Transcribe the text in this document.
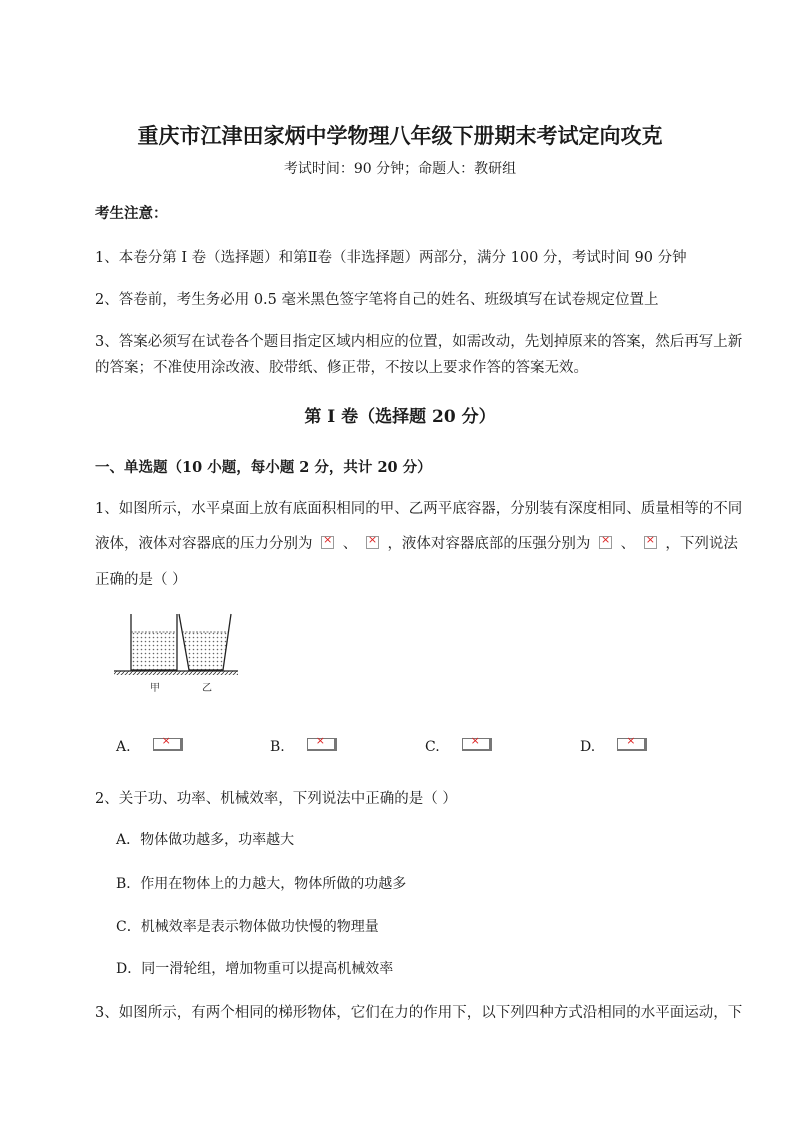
重庆市江津田家炳中学物理八年级下册期末考试定向攻克
考试时间：90 分钟；命题人：教研组
考生注意：
1、本卷分第 I 卷（选择题）和第Ⅱ卷（非选择题）两部分，满分 100 分，考试时间 90 分钟
2、答卷前，考生务必用 0.5 毫米黑色签字笔将自己的姓名、班级填写在试卷规定位置上
3、答案必须写在试卷各个题目指定区域内相应的位置，如需改动，先划掉原来的答案，然后再写上新
的答案；不准使用涂改液、胶带纸、修正带，不按以上要求作答的答案无效。
第 I 卷（选择题 20 分）
一、单选题（10 小题，每小题 2 分，共计 20 分）
1、如图所示，水平桌面上放有底面积相同的甲、乙两平底容器，分别装有深度相同、质量相等的不同
液体，液体对容器底的压力分别为 × 、 × ，液体对容器底部的压强分别为 × 、 × ，下列说法
正确的是（ ）
甲	乙
A. ×	B. ×	C. ×	D.×
2、关于功、功率、机械效率，下列说法中正确的是（ ）
A．物体做功越多，功率越大
B．作用在物体上的力越大，物体所做的功越多
C．机械效率是表示物体做功快慢的物理量
D．同一滑轮组，增加物重可以提高机械效率
3、如图所示，有两个相同的梯形物体，它们在力的作用下，以下列四种方式沿相同的水平面运动，下
